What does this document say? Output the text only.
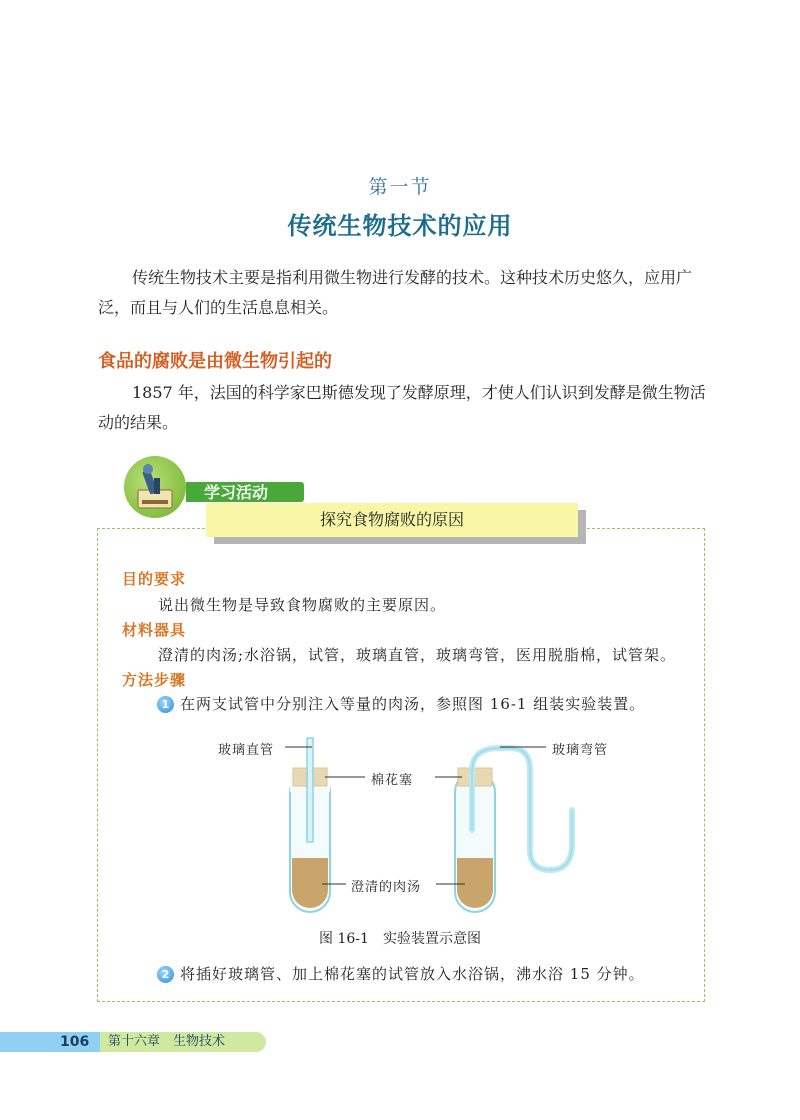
第一节
传统生物技术的应用
传统生物技术主要是指利用微生物进行发酵的技术。这种技术历史悠久，应用广泛，而且与人们的生活息息相关。
食品的腐败是由微生物引起的
1857 年，法国的科学家巴斯德发现了发酵原理，才使人们认识到发酵是微生物活动的结果。
学习活动
探究食物腐败的原因
目的要求
说出微生物是导致食物腐败的主要原因。
材料器具
澄清的肉汤;水浴锅，试管，玻璃直管，玻璃弯管，医用脱脂棉，试管架。
方法步骤
1 在两支试管中分别注入等量的肉汤，参照图 16-1 组装实验装置。
玻璃直管
棉花塞
玻璃弯管
澄清的肉汤
图 16-1　实验装置示意图
2 将插好玻璃管、加上棉花塞的试管放入水浴锅，沸水浴 15 分钟。
106	第十六章　生物技术
